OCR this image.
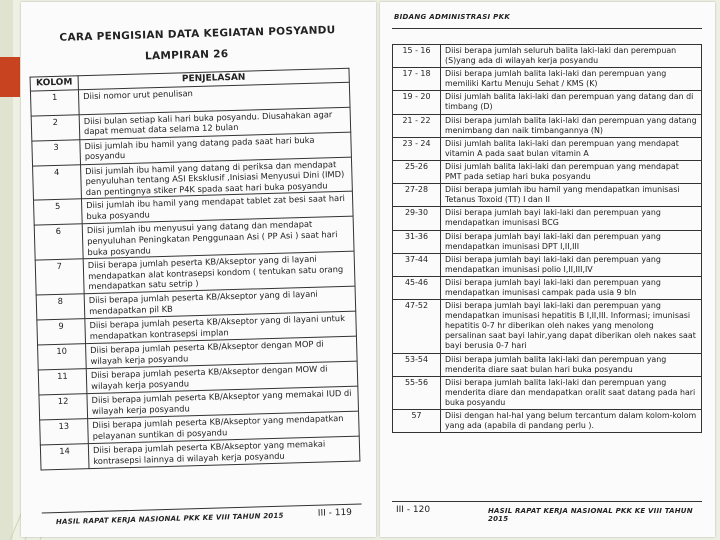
CARA PENGISIAN DATA KEGIATAN POSYANDU
LAMPIRAN 26
KOLOM	PENJELASAN
1	Diisi nomor urut penulisan
2	Diisi bulan setiap kali hari buka posyandu. Diusahakan agar dapat memuat data selama 12 bulan
3	Diisi jumlah ibu hamil yang datang pada saat hari buka posyandu
4	Diisi jumlah ibu hamil yang datang di periksa dan mendapat penyuluhan tentang ASI Eksklusif ,Inisiasi Menyusui Dini (IMD) dan pentingnya stiker P4K spada saat hari buka posyandu
5	Diisi jumlah ibu hamil yang mendapat tablet zat besi saat hari buka posyandu
6	Diisi jumlah ibu menyusui yang datang dan mendapat penyuluhan Peningkatan Penggunaan Asi ( PP Asi ) saat hari buka posyandu
7	Diisi berapa jumlah peserta KB/Akseptor yang di layani mendapatkan alat kontrasepsi kondom ( tentukan satu orang mendapatkan satu setrip )
8	Diisi berapa jumlah peserta KB/Akseptor yang di layani mendapatkan pil KB
9	Diisi berapa jumlah peserta KB/Akseptor yang di layani untuk mendapatkan kontrasepsi implan
10	Diisi berapa jumlah peserta KB/Akseptor dengan MOP di wilayah kerja posyandu
11	Diisi berapa jumlah peserta KB/Akseptor dengan MOW di wilayah kerja posyandu
12	Diisi berapa jumlah peserta KB/Akseptor yang memakai IUD di wilayah kerja posyandu
13	Diisi berapa jumlah peserta KB/Akseptor yang mendapatkan pelayanan suntikan di posyandu
14	Diisi berapa jumlah peserta KB/Akseptor yang memakai kontrasepsi lainnya di wilayah kerja posyandu
HASIL RAPAT KERJA NASIONAL PKK KE VIII TAHUN 2015	III - 119
BIDANG ADMINISTRASI PKK
15 - 16	Diisi berapa jumlah seluruh balita laki-laki dan perempuan (S)yang ada di wilayah kerja posyandu
17 - 18	Diisi berapa jumlah balita laki-laki dan perempuan yang memiliki Kartu Menuju Sehat / KMS (K)
19 - 20	Diisi jumlah balita laki-laki dan perempuan yang datang dan di timbang (D)
21 - 22	Diisi berapa jumlah balita laki-laki dan perempuan yang datang menimbang dan naik timbangannya (N)
23 - 24	Diisi jumlah balita laki-laki dan perempuan yang mendapat vitamin A pada saat bulan vitamin A
25-26	Diisi jumlah balita laki-laki dan perempuan yang mendapat PMT pada setiap hari buka posyandu
27-28	Diisi berapa jumlah ibu hamil yang mendapatkan imunisasi Tetanus Toxoid (TT) I dan II
29-30	Diisi berapa jumlah bayi laki-laki dan perempuan yang mendapatkan imunisasi BCG
31-36	Diisi berapa jumlah bayi laki-laki dan perempuan yang mendapatkan imunisasi DPT I,II,III
37-44	Diisi berapa jumlah bayi laki-laki dan perempuan yang mendapatkan imunisasi polio I,II,III,IV
45-46	Diisi berapa jumlah bayi laki-laki dan perempuan yang mendapatkan imunisasi campak pada usia 9 bln
47-52	Diisi berapa jumlah bayi laki-laki dan perempuan yang mendapatkan imunisasi hepatitis B I,II,III. Informasi; imunisasi hepatitis 0-7 hr diberikan oleh nakes yang menolong persalinan saat bayi lahir,yang dapat diberikan oleh nakes saat bayi berusia 0-7 hari
53-54	Diisi berapa jumlah balita laki-laki dan perempuan yang menderita diare saat bulan hari buka posyandu
55-56	Diisi berapa jumlah balita laki-laki dan perempuan yang menderita diare dan mendapatkan oralit saat datang pada hari buka posyandu
57	Diisi dengan hal-hal yang belum tercantum dalam kolom-kolom yang ada (apabila di pandang perlu ).
III - 120	HASIL RAPAT KERJA NASIONAL PKK KE VIII TAHUN 2015
